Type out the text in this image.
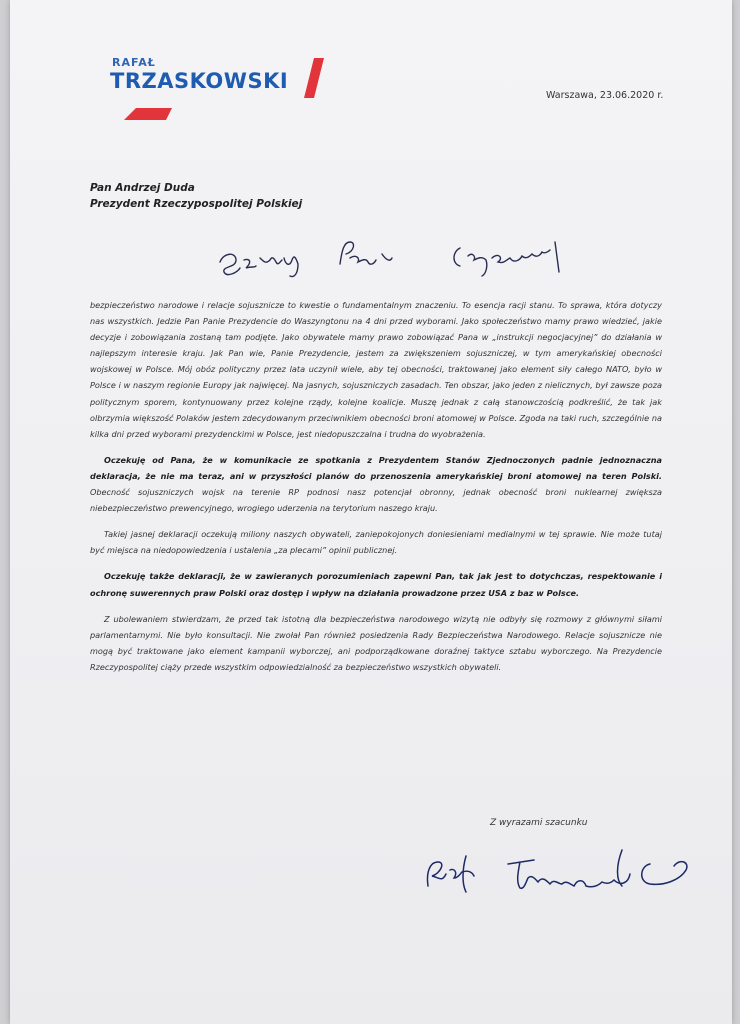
RAFAŁ
TRZASKOWSKI
Warszawa, 23.06.2020 r.
Pan Andrzej Duda
Prezydent Rzeczypospolitej Polskiej

bezpieczeństwo narodowe i relacje sojusznicze to kwestie o fundamentalnym znaczeniu. To esencja racji stanu. To sprawa, która dotyczy nas wszystkich. Jedzie Pan Panie Prezydencie do Waszyngtonu na 4 dni przed wyborami. Jako społeczeństwo mamy prawo wiedzieć, jakie decyzje i zobowiązania zostaną tam podjęte. Jako obywatele mamy prawo zobowiązać Pana w „instrukcji negocjacyjnej” do działania w najlepszym interesie kraju. Jak Pan wie, Panie Prezydencie, jestem za zwiększeniem sojuszniczej, w tym amerykańskiej obecności wojskowej w Polsce. Mój obóz polityczny przez lata uczynił wiele, aby tej obecności, traktowanej jako element siły całego NATO, było w Polsce i w naszym regionie Europy jak najwięcej. Na jasnych, sojuszniczych zasadach. Ten obszar, jako jeden z nielicznych, był zawsze poza politycznym sporem, kontynuowany przez kolejne rządy, kolejne koalicje. Muszę jednak z całą stanowczością podkreślić, że tak jak olbrzymia większość Polaków jestem zdecydowanym przeciwnikiem obecności broni atomowej w Polsce. Zgoda na taki ruch, szczególnie na kilka dni przed wyborami prezydenckimi w Polsce, jest niedopuszczalna i trudna do wyobrażenia.

Oczekuję od Pana, że w komunikacie ze spotkania z Prezydentem Stanów Zjednoczonych padnie jednoznaczna deklaracja, że nie ma teraz, ani w przyszłości planów do przenoszenia amerykańskiej broni atomowej na teren Polski. Obecność sojuszniczych wojsk na terenie RP podnosi nasz potencjał obronny, jednak obecność broni nuklearnej zwiększa niebezpieczeństwo prewencyjnego, wrogiego uderzenia na terytorium naszego kraju.

Takiej jasnej deklaracji oczekują miliony naszych obywateli, zaniepokojonych doniesieniami medialnymi w tej sprawie. Nie może tutaj być miejsca na niedopowiedzenia i ustalenia „za plecami” opinii publicznej.

Oczekuję także deklaracji, że w zawieranych porozumieniach zapewni Pan, tak jak jest to dotychczas, respektowanie i ochronę suwerennych praw Polski oraz dostęp i wpływ na działania prowadzone przez USA z baz w Polsce.

Z ubolewaniem stwierdzam, że przed tak istotną dla bezpieczeństwa narodowego wizytą nie odbyły się rozmowy z głównymi siłami parlamentarnymi. Nie było konsultacji. Nie zwołał Pan również posiedzenia Rady Bezpieczeństwa Narodowego. Relacje sojusznicze nie mogą być traktowane jako element kampanii wyborczej, ani podporządkowane doraźnej taktyce sztabu wyborczego. Na Prezydencie Rzeczypospolitej ciąży przede wszystkim odpowiedzialność za bezpieczeństwo wszystkich obywateli.

Z wyrazami szacunku
